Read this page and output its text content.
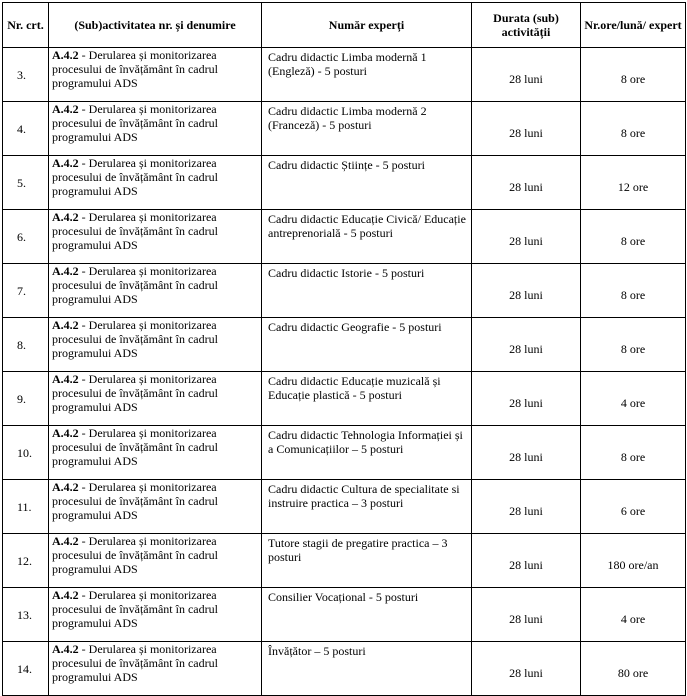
Nr. crt.	(Sub)activitatea nr. și denumire	Număr experți	Durata (sub) activității	Nr.ore/lună/ expert
3.	A.4.2 - Derularea și monitorizarea procesului de învățământ în cadrul programului ADS	Cadru didactic Limba modernă 1 (Engleză) - 5 posturi	28 luni	8 ore
4.	A.4.2 - Derularea și monitorizarea procesului de învățământ în cadrul programului ADS	Cadru didactic Limba modernă 2 (Franceză) - 5 posturi	28 luni	8 ore
5.	A.4.2 - Derularea și monitorizarea procesului de învățământ în cadrul programului ADS	Cadru didactic Științe - 5 posturi	28 luni	12 ore
6.	A.4.2 - Derularea și monitorizarea procesului de învățământ în cadrul programului ADS	Cadru didactic Educație Civică/ Educație antreprenorială - 5 posturi	28 luni	8 ore
7.	A.4.2 - Derularea și monitorizarea procesului de învățământ în cadrul programului ADS	Cadru didactic Istorie - 5 posturi	28 luni	8 ore
8.	A.4.2 - Derularea și monitorizarea procesului de învățământ în cadrul programului ADS	Cadru didactic Geografie - 5 posturi	28 luni	8 ore
9.	A.4.2 - Derularea și monitorizarea procesului de învățământ în cadrul programului ADS	Cadru didactic Educație muzicală și Educație plastică - 5 posturi	28 luni	4 ore
10.	A.4.2 - Derularea și monitorizarea procesului de învățământ în cadrul programului ADS	Cadru didactic Tehnologia Informației și a Comunicațiilor – 5 posturi	28 luni	8 ore
11.	A.4.2 - Derularea și monitorizarea procesului de învățământ în cadrul programului ADS	Cadru didactic Cultura de specialitate si instruire practica – 3 posturi	28 luni	6 ore
12.	A.4.2 - Derularea și monitorizarea procesului de învățământ în cadrul programului ADS	Tutore stagii de pregatire practica – 3 posturi	28 luni	180 ore/an
13.	A.4.2 - Derularea și monitorizarea procesului de învățământ în cadrul programului ADS	Consilier Vocațional - 5 posturi	28 luni	4 ore
14.	A.4.2 - Derularea și monitorizarea procesului de învățământ în cadrul programului ADS	Învățător – 5 posturi	28 luni	80 ore
